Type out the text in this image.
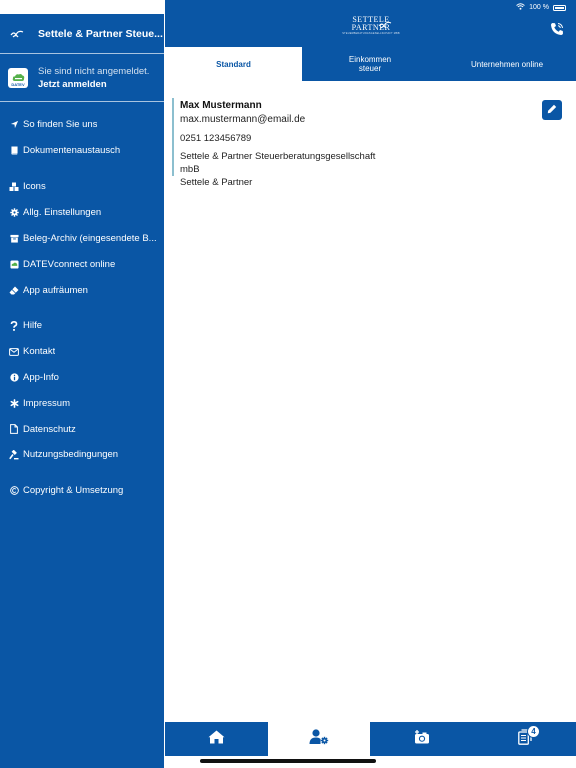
Settele & Partner Steue...
DATEV
Sie sind nicht angemeldet.
Jetzt anmelden
So finden Sie uns
Dokumentenaustausch
Icons
Allg. Einstellungen
Beleg-Archiv (eingesendete B...
DATEVconnect online
App aufräumen
Hilfe
Kontakt
App-Info
Impressum
Datenschutz
Nutzungsbedingungen
Copyright & Umsetzung
100 %
SETTELE
PARTNER
STEUERBERATUNGSGESELLSCHAFT MBB
Standard	Einkommen steuer	Unternehmen online
Max Mustermann
max.mustermann@email.de
0251 123456789
Settele & Partner Steuerberatungsgesellschaft mbB
Settele & Partner
4
